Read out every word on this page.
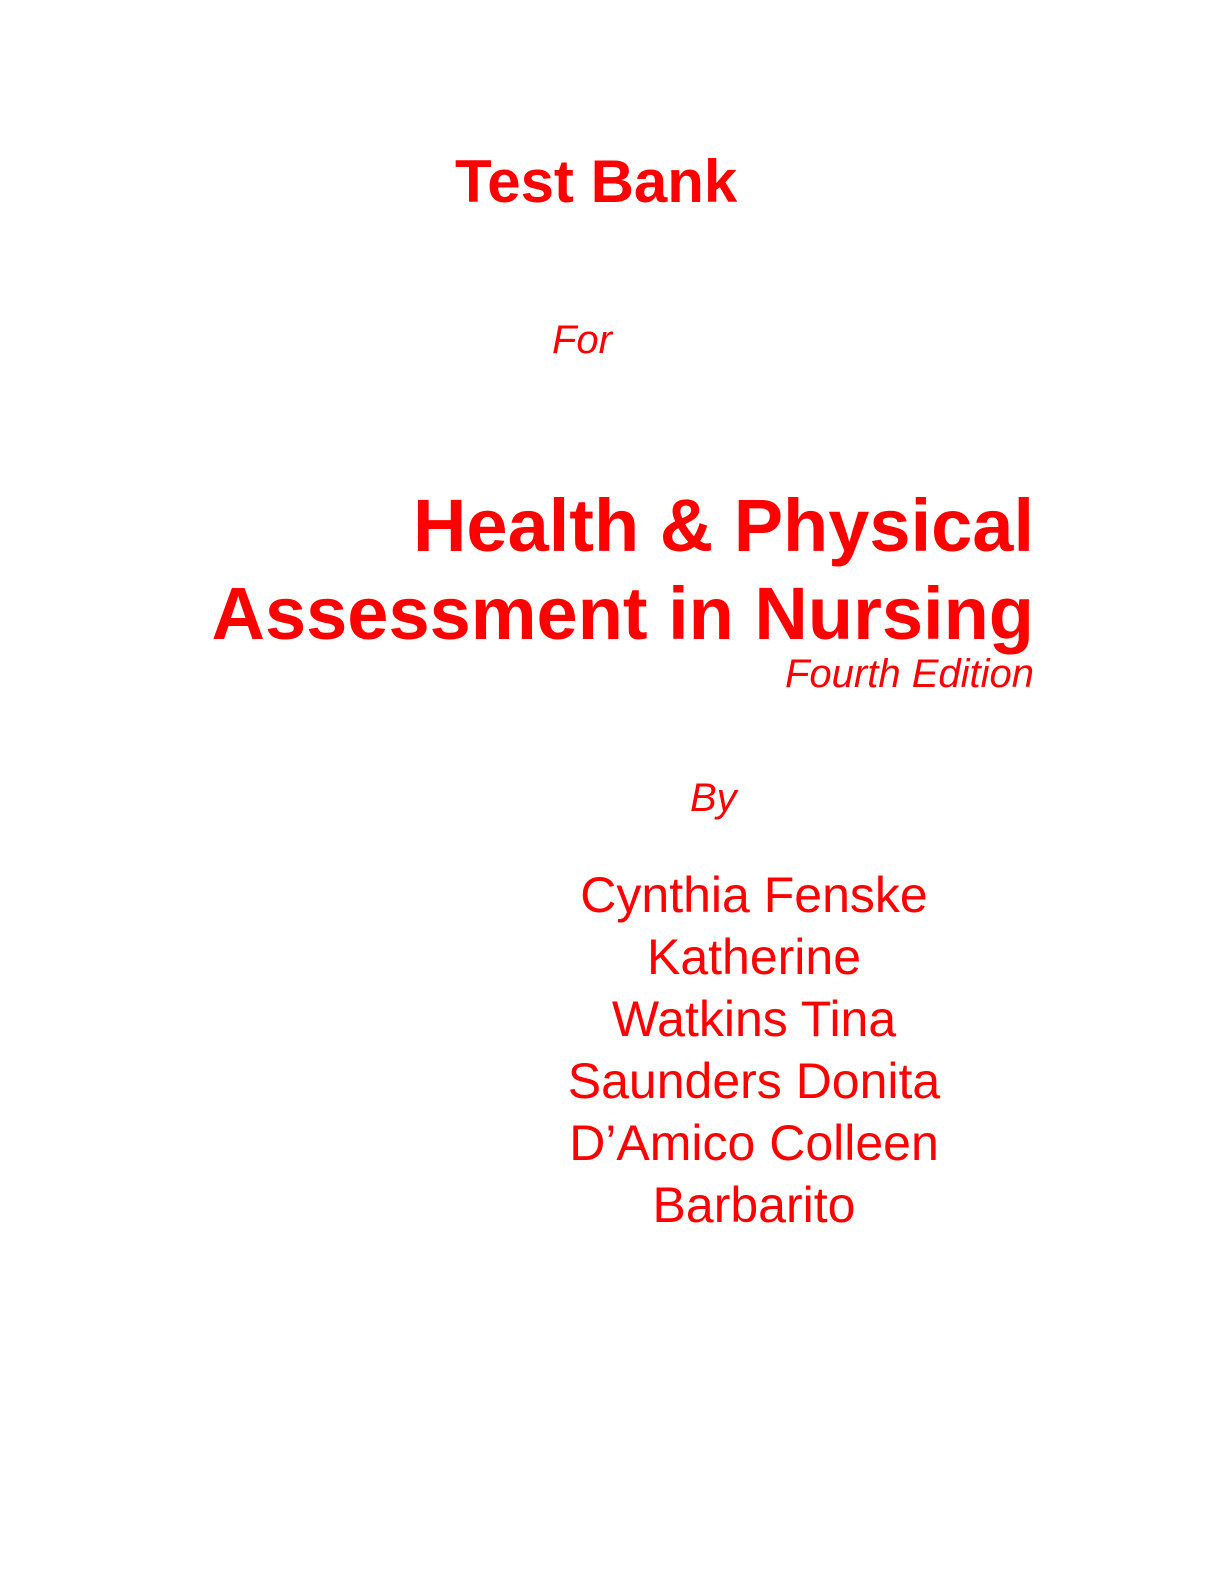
Test Bank
For
Health & Physical
Assessment in Nursing
Fourth Edition
By
Cynthia Fenske
Katherine
Watkins Tina
Saunders Donita
D’Amico Colleen
Barbarito
